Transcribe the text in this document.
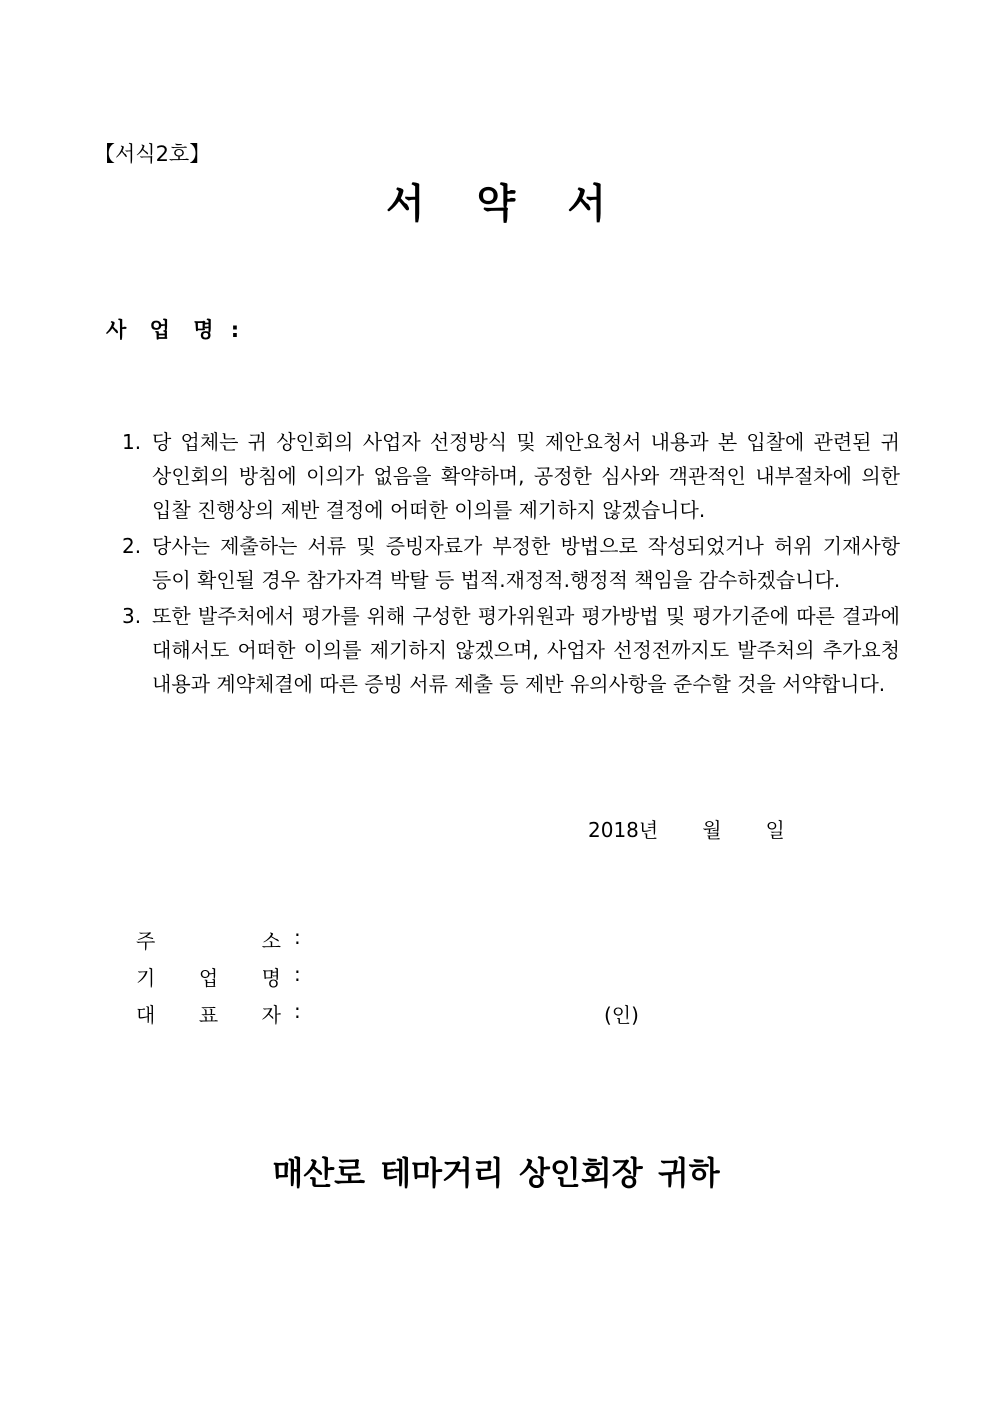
【서식2호】
서 약 서
사 업 명 :
1. 당 업체는 귀 상인회의 사업자 선정방식 및 제안요청서 내용과 본 입찰에 관련된 귀 상인회의 방침에 이의가 없음을 확약하며, 공정한 심사와 객관적인 내부절차에 의한 입찰 진행상의 제반 결정에 어떠한 이의를 제기하지 않겠습니다.
2. 당사는 제출하는 서류 및 증빙자료가 부정한 방법으로 작성되었거나 허위 기재사항 등이 확인될 경우 참가자격 박탈 등 법적.재정적.행정적 책임을 감수하겠습니다.
3. 또한 발주처에서 평가를 위해 구성한 평가위원과 평가방법 및 평가기준에 따른 결과에 대해서도 어떠한 이의를 제기하지 않겠으며, 사업자 선정전까지도 발주처의 추가요청 내용과 계약체결에 따른 증빙 서류 제출 등 제반 유의사항을 준수할 것을 서약합니다.
2018년 월 일
주	소 :
기 업 명 :
대 표 자 :	(인)
매산로 테마거리 상인회장 귀하
